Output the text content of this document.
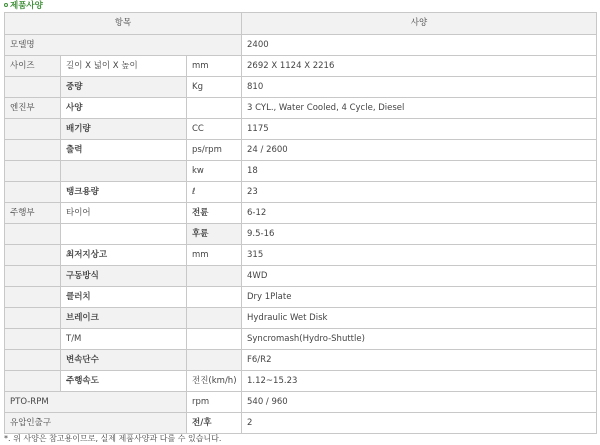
제품사양
항목			사양
모델명			2400
사이즈	길이 X 넓이 X 높이	mm	2692 X 1124 X 2216
	중량	Kg	810
엔진부	사양		3 CYL., Water Cooled, 4 Cycle, Diesel
	배기량	CC	1175
	출력	ps/rpm	24 / 2600
		kw	18
	탱크용량	ℓ	23
주행부	타이어	전륜	6-12
		후륜	9.5-16
	최저지상고	mm	315
	구동방식		4WD
	클러치		Dry 1Plate
	브레이크		Hydraulic Wet Disk
	T/M		Syncromash(Hydro-Shuttle)
	변속단수		F6/R2
	주행속도	전진(km/h)	1.12~15.23
PTO-RPM		rpm	540 / 960
유압인출구		전/후	2
*. 위 사양은 참고용이므로, 실제 제품사양과 다를 수 있습니다.
